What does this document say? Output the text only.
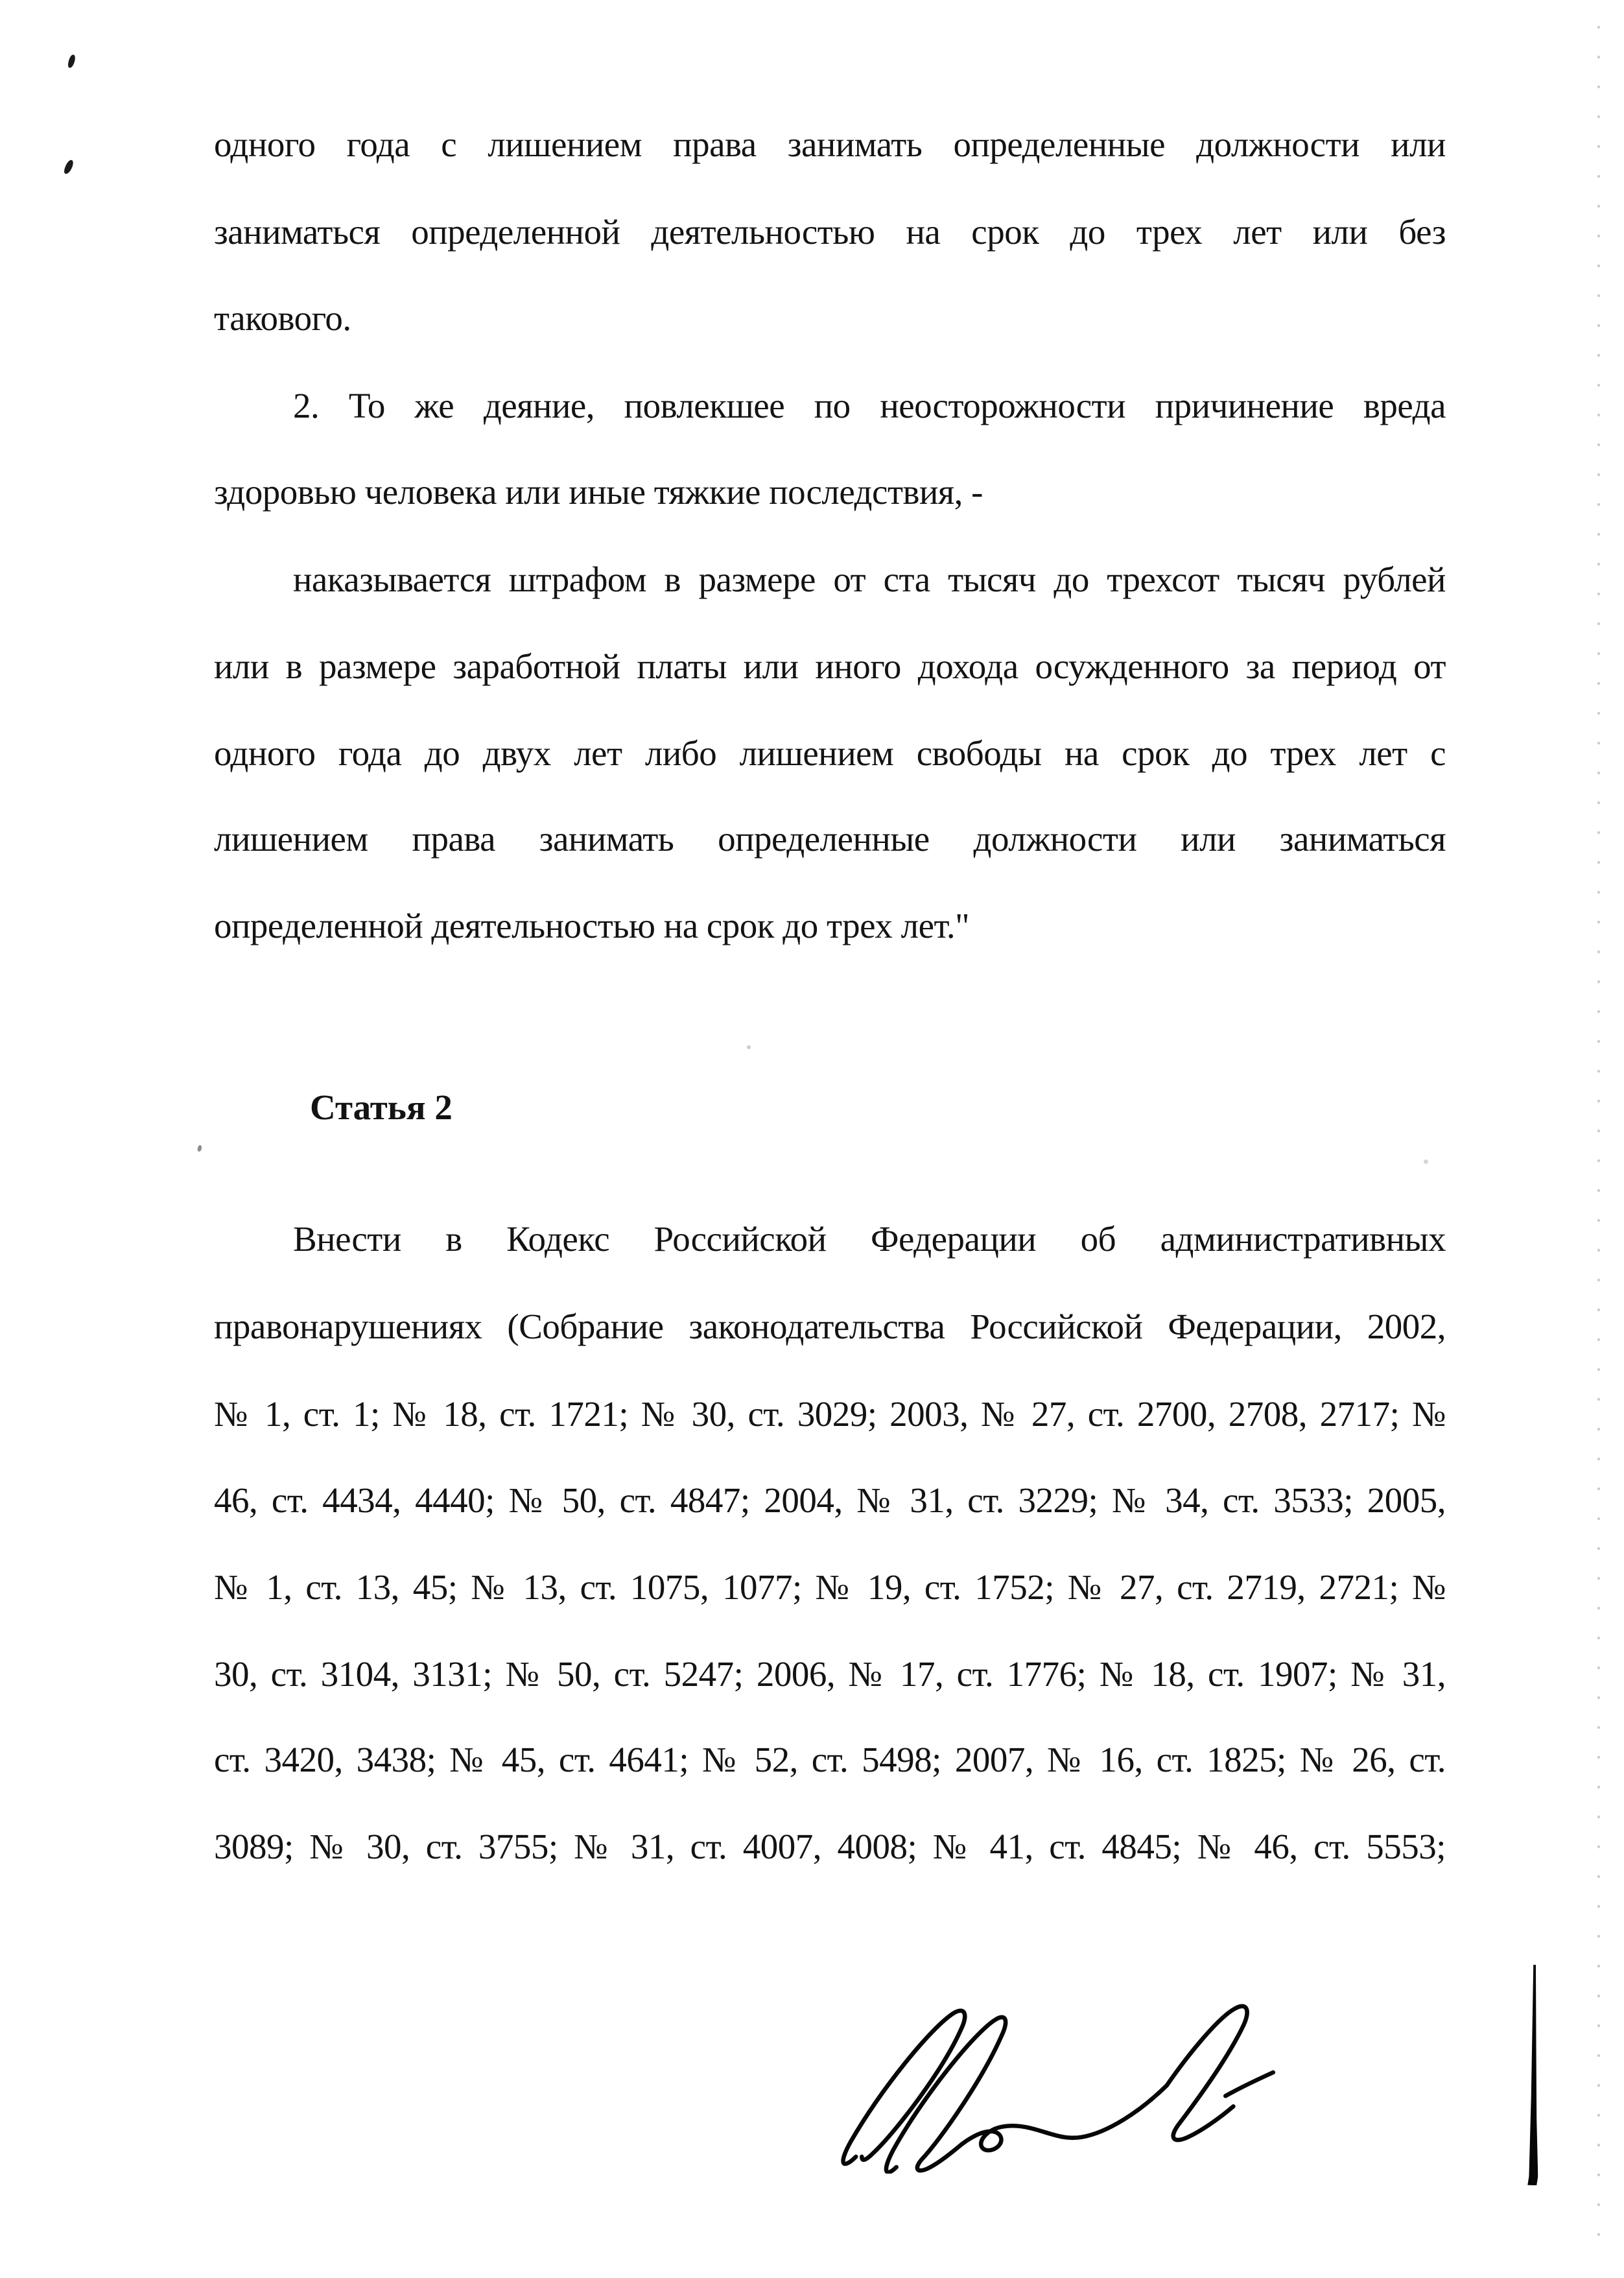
одного года с лишением права занимать определенные должности или
заниматься определенной деятельностью на срок до трех лет или без
такового.
2. То же деяние, повлекшее по неосторожности причинение вреда
здоровью человека или иные тяжкие последствия, -
наказывается штрафом в размере от ста тысяч до трехсот тысяч рублей
или в размере заработной платы или иного дохода осужденного за период от
одного года до двух лет либо лишением свободы на срок до трех лет с
лишением права занимать определенные должности или заниматься
определенной деятельностью на срок до трех лет."
Статья 2
Внести в Кодекс Российской Федерации об административных
правонарушениях (Собрание законодательства Российской Федерации, 2002,
№ 1, ст. 1; № 18, ст. 1721; № 30, ст. 3029; 2003, № 27, ст. 2700, 2708, 2717; №
46, ст. 4434, 4440; № 50, ст. 4847; 2004, № 31, ст. 3229; № 34, ст. 3533; 2005,
№ 1, ст. 13, 45; № 13, ст. 1075, 1077; № 19, ст. 1752; № 27, ст. 2719, 2721; №
30, ст. 3104, 3131; № 50, ст. 5247; 2006, № 17, ст. 1776; № 18, ст. 1907; № 31,
ст. 3420, 3438; № 45, ст. 4641; № 52, ст. 5498; 2007, № 16, ст. 1825; № 26, ст.
3089; № 30, ст. 3755; № 31, ст. 4007, 4008; № 41, ст. 4845; № 46, ст. 5553;
